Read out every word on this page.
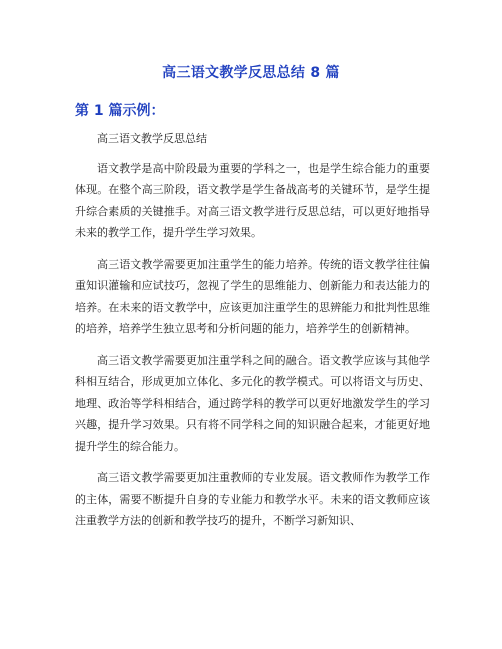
高三语文教学反思总结 8 篇
第 1 篇示例：

高三语文教学反思总结

语文教学是高中阶段最为重要的学科之一，也是学生综合能力的重要体现。在整个高三阶段，语文教学是学生备战高考的关键环节，是学生提升综合素质的关键推手。对高三语文教学进行反思总结，可以更好地指导未来的教学工作，提升学生学习效果。

高三语文教学需要更加注重学生的能力培养。传统的语文教学往往偏重知识灌输和应试技巧，忽视了学生的思维能力、创新能力和表达能力的培养。在未来的语文教学中，应该更加注重学生的思辨能力和批判性思维的培养，培养学生独立思考和分析问题的能力，培养学生的创新精神。

高三语文教学需要更加注重学科之间的融合。语文教学应该与其他学科相互结合，形成更加立体化、多元化的教学模式。可以将语文与历史、地理、政治等学科相结合，通过跨学科的教学可以更好地激发学生的学习兴趣，提升学习效果。只有将不同学科之间的知识融合起来，才能更好地提升学生的综合能力。

高三语文教学需要更加注重教师的专业发展。语文教师作为教学工作的主体，需要不断提升自身的专业能力和教学水平。未来的语文教师应该注重教学方法的创新和教学技巧的提升，不断学习新知识、
